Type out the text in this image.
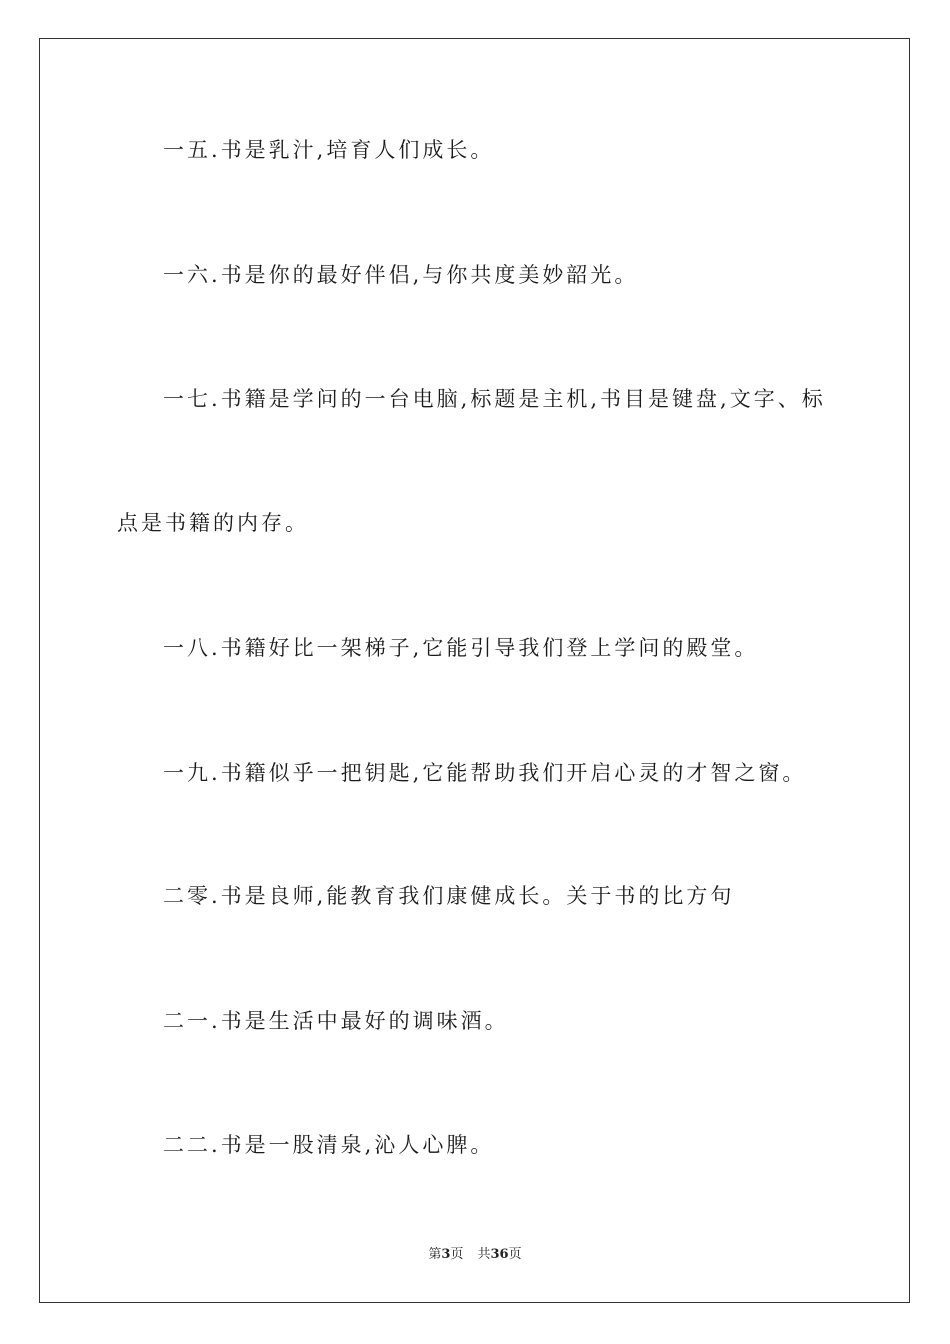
一五.书是乳汁,培育人们成长。
一六.书是你的最好伴侣,与你共度美妙韶光。
一七.书籍是学问的一台电脑,标题是主机,书目是键盘,文字、标
点是书籍的内存。
一八.书籍好比一架梯子,它能引导我们登上学问的殿堂。
一九.书籍似乎一把钥匙,它能帮助我们开启心灵的才智之窗。
二零.书是良师,能教育我们康健成长。关于书的比方句
二一.书是生活中最好的调味酒。
二二.书是一股清泉,沁人心脾。
第3页 共36页
